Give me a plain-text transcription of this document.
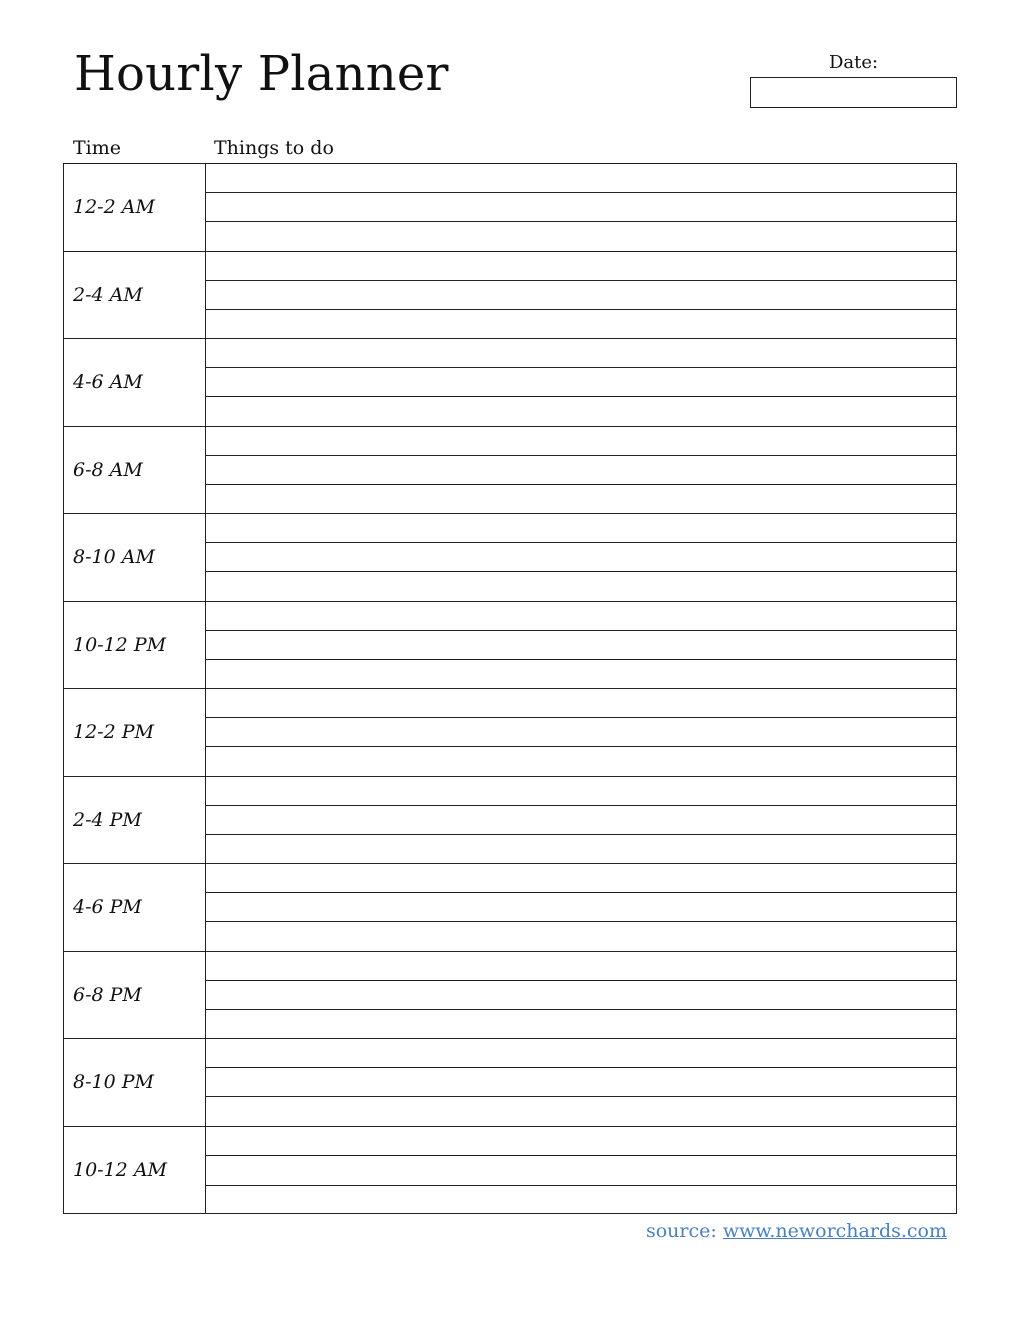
Hourly Planner	Date:
Time	Things to do
12-2 AM
2-4 AM
4-6 AM
6-8 AM
8-10 AM
10-12 PM
12-2 PM
2-4 PM
4-6 PM
6-8 PM
8-10 PM
10-12 AM
source: www.neworchards.com
